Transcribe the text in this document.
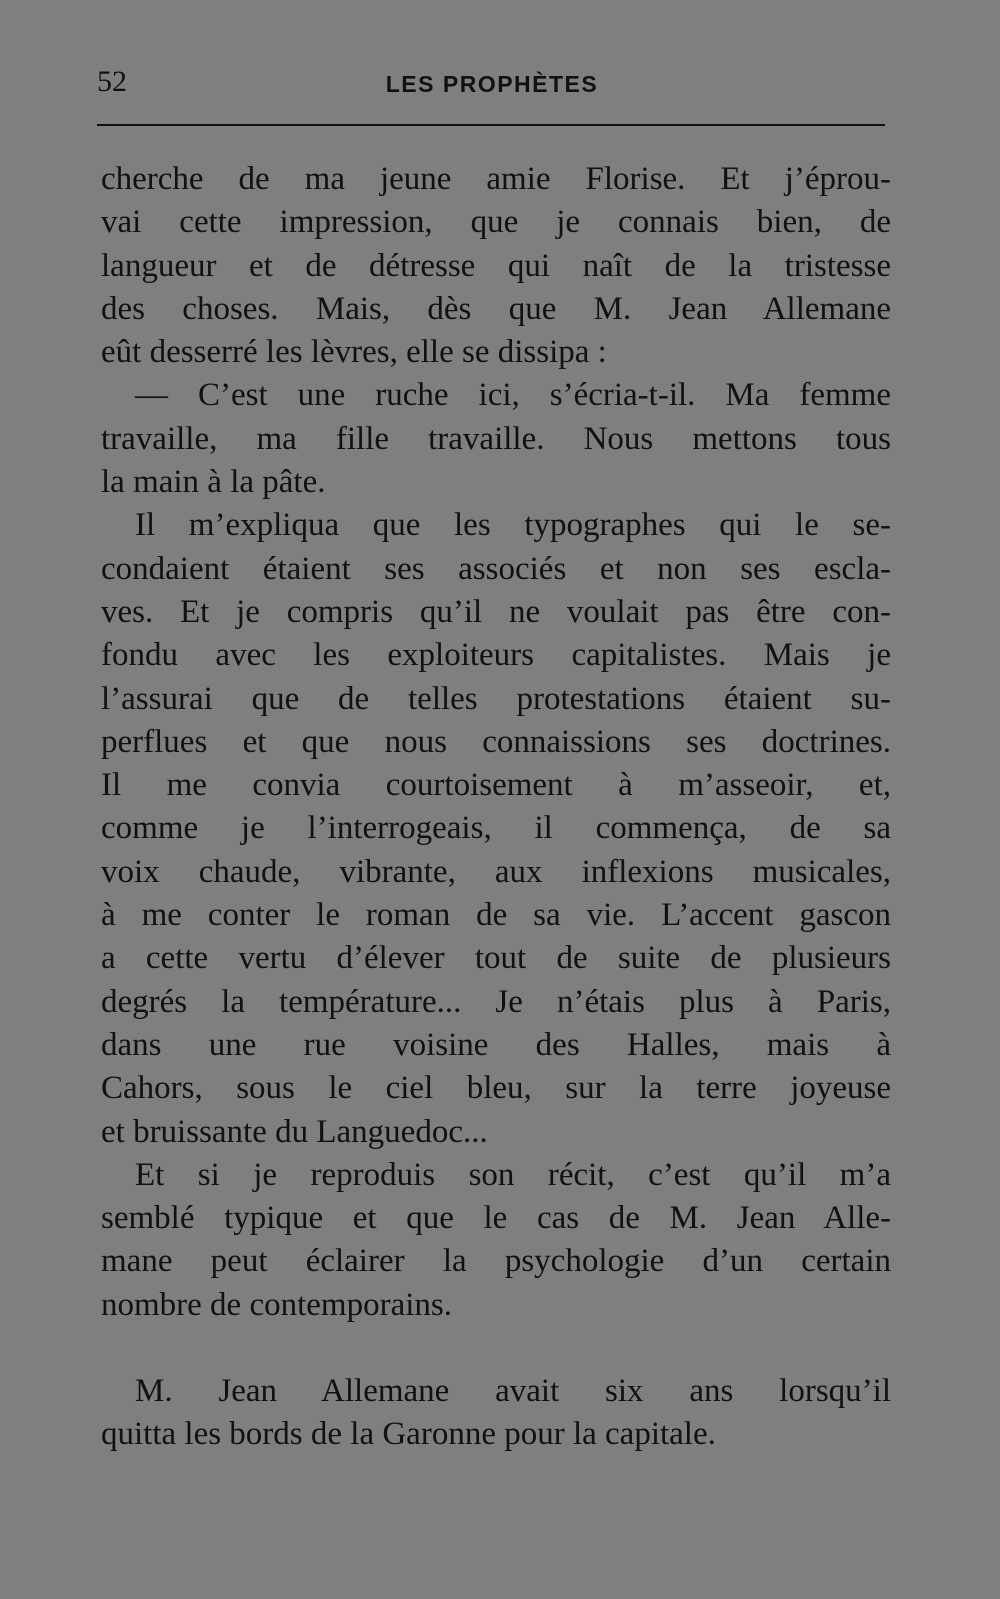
52	LES PROPHÈTES
cherche de ma jeune amie Florise. Et j’éprou-
vai cette impression, que je connais bien, de
langueur et de détresse qui naît de la tristesse
des choses. Mais, dès que M. Jean Allemane
eût desserré les lèvres, elle se dissipa :
— C’est une ruche ici, s’écria-t-il. Ma femme
travaille, ma fille travaille. Nous mettons tous
la main à la pâte.
Il m’expliqua que les typographes qui le se-
condaient étaient ses associés et non ses escla-
ves. Et je compris qu’il ne voulait pas être con-
fondu avec les exploiteurs capitalistes. Mais je
l’assurai que de telles protestations étaient su-
perflues et que nous connaissions ses doctrines.
Il me convia courtoisement à m’asseoir, et,
comme je l’interrogeais, il commença, de sa
voix chaude, vibrante, aux inflexions musicales,
à me conter le roman de sa vie. L’accent gascon
a cette vertu d’élever tout de suite de plusieurs
degrés la température... Je n’étais plus à Paris,
dans une rue voisine des Halles, mais à
Cahors, sous le ciel bleu, sur la terre joyeuse
et bruissante du Languedoc...
Et si je reproduis son récit, c’est qu’il m’a
semblé typique et que le cas de M. Jean Alle-
mane peut éclairer la psychologie d’un certain
nombre de contemporains.
M. Jean Allemane avait six ans lorsqu’il
quitta les bords de la Garonne pour la capitale.
